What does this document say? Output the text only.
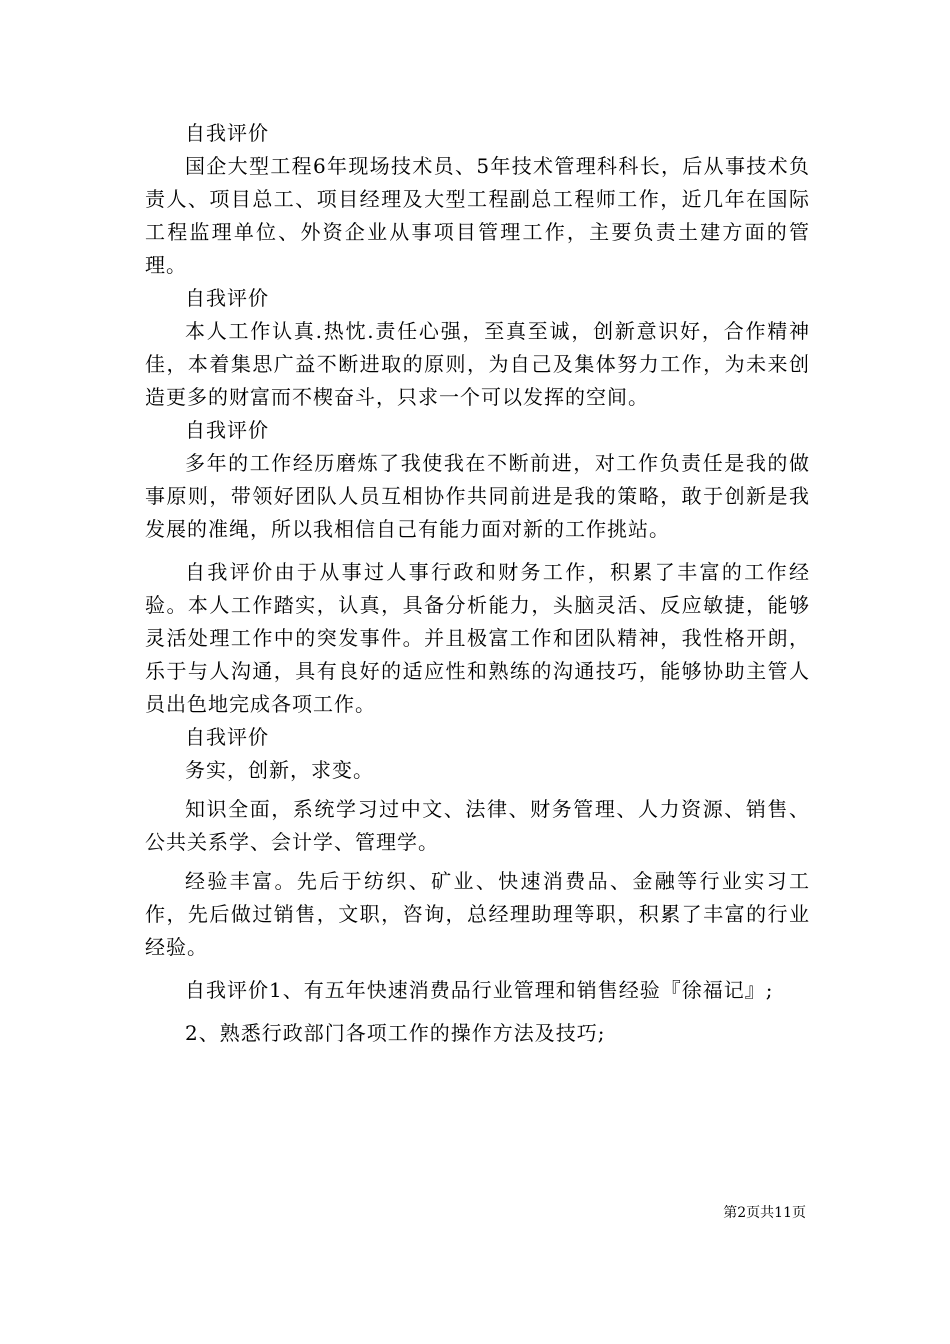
自我评价

国企大型工程6年现场技术员、5年技术管理科科长，后从事技术负责人、项目总工、项目经理及大型工程副总工程师工作，近几年在国际工程监理单位、外资企业从事项目管理工作，主要负责土建方面的管理。

自我评价

本人工作认真.热忱.责任心强，至真至诚，创新意识好，合作精神佳，本着集思广益不断进取的原则，为自己及集体努力工作，为未来创造更多的财富而不楔奋斗，只求一个可以发挥的空间。

自我评价

多年的工作经历磨炼了我使我在不断前进，对工作负责任是我的做事原则，带领好团队人员互相协作共同前进是我的策略，敢于创新是我发展的准绳，所以我相信自己有能力面对新的工作挑站。

自我评价由于从事过人事行政和财务工作，积累了丰富的工作经验。本人工作踏实，认真，具备分析能力，头脑灵活、反应敏捷，能够灵活处理工作中的突发事件。并且极富工作和团队精神，我性格开朗，乐于与人沟通，具有良好的适应性和熟练的沟通技巧，能够协助主管人员出色地完成各项工作。

自我评价

务实，创新，求变。

知识全面，系统学习过中文、法律、财务管理、人力资源、销售、公共关系学、会计学、管理学。

经验丰富。先后于纺织、矿业、快速消费品、金融等行业实习工作，先后做过销售，文职，咨询，总经理助理等职，积累了丰富的行业经验。

自我评价1、有五年快速消费品行业管理和销售经验『徐福记』;

2、熟悉行政部门各项工作的操作方法及技巧;

第2页共11页
